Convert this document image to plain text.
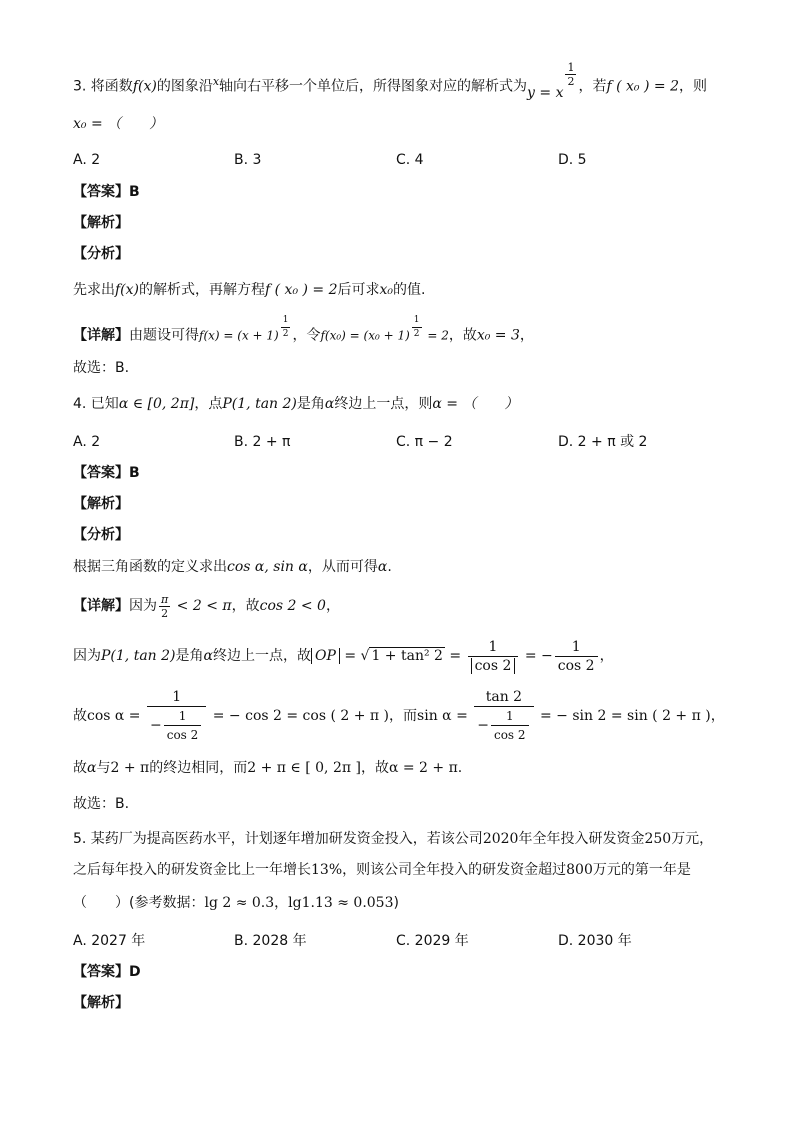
3. 将函数f(x)的图象沿$^x$轴向右平移一个单位后，所得图象对应的解析式为y = x
$\frac{1}{2}$ ，若f ( x₀ ) = 2，则
x₀ = （　　）
A. 2	B. 3	C. 4	D. 5
【答案】B
【解析】
【分析】
先求出f(x)的解析式，再解方程f ( x₀ ) = 2后可求x₀的值.
【详解】由题设可得$f(x) = (x + 1) \frac{1}{2}$ ，令$f(x_0) = (x_0 + 1) \frac{1}{2} = 2$，故x₀ = 3，
故选：B.
4. 已知α ∈ [0, 2π]，点P(1, tan 2)是角α终边上一点，则α = （　　）
A. 2	B. 2 + π	C. π − 2	D. 2 + π 或 2
【答案】B
【解析】
【分析】
根据三角函数的定义求出cos α, sin α，从而可得α.
【详解】因为 $\frac{\pi}{2} < 2 < \pi$，故cos 2 < 0，
因为P(1, tan 2)是角α终边上一点，故 OP = √ 1 + tan² $2 = \frac{1}{\cos 2}$ = − $\frac{1}{\cos 2}$ ，
故$\cos \alpha = \frac{1}{- \frac{1}{\cos 2}}$ = − cos 2 = cos ( 2 + π )，而$\sin \alpha = \frac{\tan 2}{- \frac{1}{\cos 2}}$ = − sin 2 = sin ( 2 + π )，
故α与2 + π的终边相同，而2 + π ∈ [ 0, 2π ]，故α = 2 + π.
故选：B.
5. 某药厂为提高医药水平，计划逐年增加研发资金投入，若该公司2020年全年投入研发资金250万元，
之后每年投入的研发资金比上一年增长13%，则该公司全年投入的研发资金超过800万元的第一年是
（　　）(参考数据：lg 2 ≈ 0.3，lg1.13 ≈ 0.053)
A. 2027 年	B. 2028 年	C. 2029 年	D. 2030 年
【答案】D
【解析】
